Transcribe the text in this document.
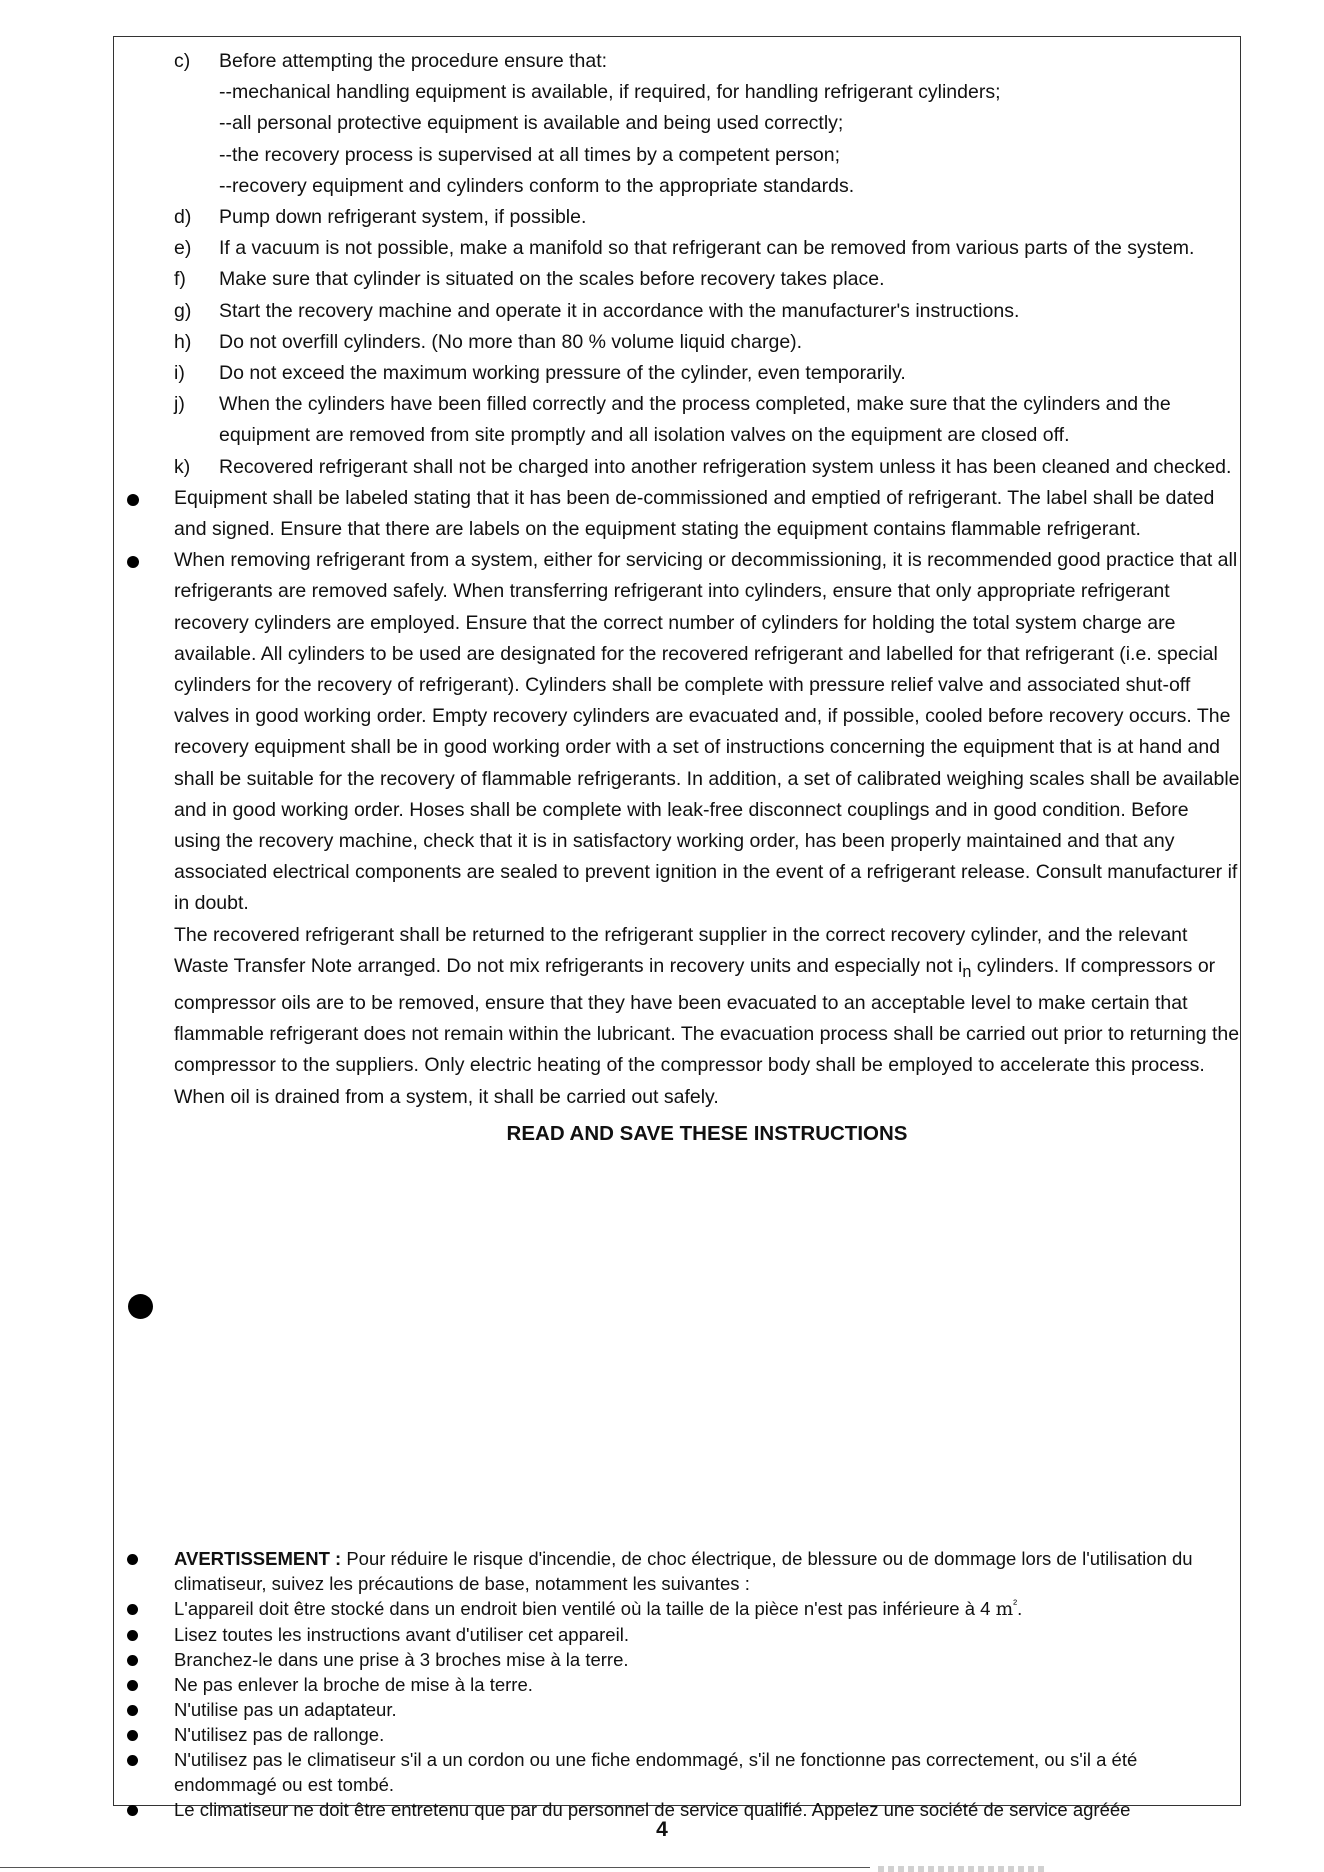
c)	Before attempting the procedure ensure that:
--mechanical handling equipment is available, if required, for handling refrigerant cylinders;
--all personal protective equipment is available and being used correctly;
--the recovery process is supervised at all times by a competent person;
--recovery equipment and cylinders conform to the appropriate standards.
d)	Pump down refrigerant system, if possible.
e)	If a vacuum is not possible, make a manifold so that refrigerant can be removed from various parts of the system.
f)	Make sure that cylinder is situated on the scales before recovery takes place.
g)	Start the recovery machine and operate it in accordance with the manufacturer's instructions.
h)	Do not overfill cylinders. (No more than 80 % volume liquid charge).
i)	Do not exceed the maximum working pressure of the cylinder, even temporarily.
j)	When the cylinders have been filled correctly and the process completed, make sure that the cylinders and the equipment are removed from site promptly and all isolation valves on the equipment are closed off.
k)	Recovered refrigerant shall not be charged into another refrigeration system unless it has been cleaned and checked.
Equipment shall be labeled stating that it has been de-commissioned and emptied of refrigerant. The label shall be dated and signed. Ensure that there are labels on the equipment stating the equipment contains flammable refrigerant.
When removing refrigerant from a system, either for servicing or decommissioning, it is recommended good practice that all refrigerants are removed safely. When transferring refrigerant into cylinders, ensure that only appropriate refrigerant recovery cylinders are employed. Ensure that the correct number of cylinders for holding the total system charge are available. All cylinders to be used are designated for the recovered refrigerant and labelled for that refrigerant (i.e. special cylinders for the recovery of refrigerant). Cylinders shall be complete with pressure relief valve and associated shut-off valves in good working order. Empty recovery cylinders are evacuated and, if possible, cooled before recovery occurs. The recovery equipment shall be in good working order with a set of instructions concerning the equipment that is at hand and shall be suitable for the recovery of flammable refrigerants. In addition, a set of calibrated weighing scales shall be available and in good working order. Hoses shall be complete with leak-free disconnect couplings and in good condition. Before using the recovery machine, check that it is in satisfactory working order, has been properly maintained and that any associated electrical components are sealed to prevent ignition in the event of a refrigerant release. Consult manufacturer if in doubt.
The recovered refrigerant shall be returned to the refrigerant supplier in the correct recovery cylinder, and the relevant Waste Transfer Note arranged. Do not mix refrigerants in recovery units and especially not $i_n$ cylinders. If compressors or compressor oils are to be removed, ensure that they have been evacuated to an acceptable level to make certain that flammable refrigerant does not remain within the lubricant. The evacuation process shall be carried out prior to returning the compressor to the suppliers. Only electric heating of the compressor body shall be employed to accelerate this process. When oil is drained from a system, it shall be carried out safely.
READ AND SAVE THESE INSTRUCTIONS
AVERTISSEMENT : Pour réduire le risque d'incendie, de choc électrique, de blessure ou de dommage lors de l'utilisation du climatiseur, suivez les précautions de base, notamment les suivantes :
L'appareil doit être stocké dans un endroit bien ventilé où la taille de la pièce n'est pas inférieure à 4 $m^{^2}$.
Lisez toutes les instructions avant d'utiliser cet appareil.
Branchez-le dans une prise à 3 broches mise à la terre.
Ne pas enlever la broche de mise à la terre.
N'utilise pas un adaptateur.
N'utilisez pas de rallonge.
N'utilisez pas le climatiseur s'il a un cordon ou une fiche endommagé, s'il ne fonctionne pas correctement, ou s'il a été endommagé ou est tombé.
Le climatiseur ne doit être entretenu que par du personnel de service qualifié. Appelez une société de service agréée
4
